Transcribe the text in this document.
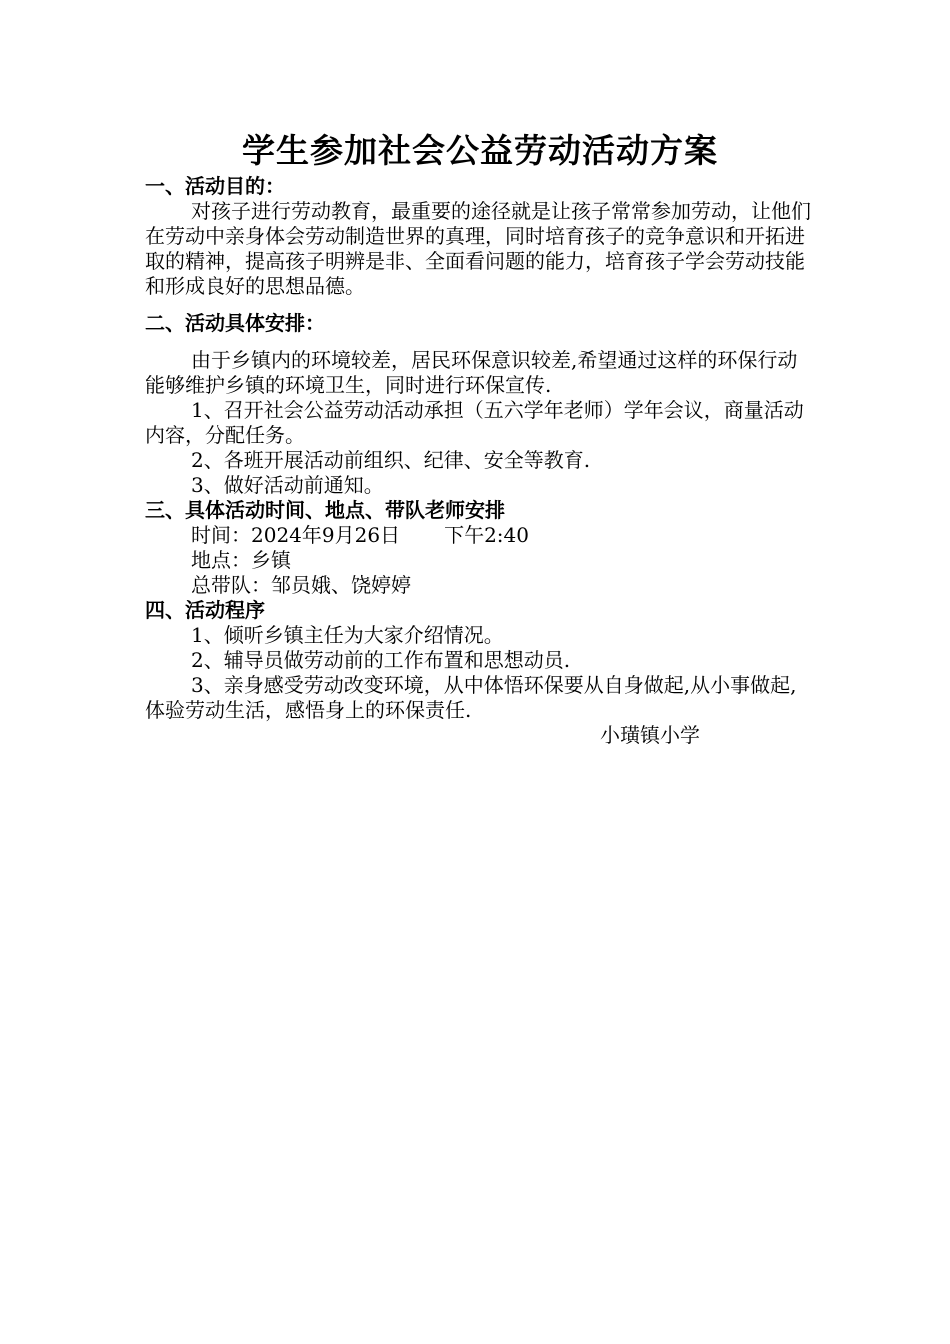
学生参加社会公益劳动活动方案

一、活动目的：

对孩子进行劳动教育，最重要的途径就是让孩子常常参加劳动，让他们在劳动中亲身体会劳动制造世界的真理，同时培育孩子的竞争意识和开拓进取的精神，提高孩子明辨是非、全面看问题的能力，培育孩子学会劳动技能和形成良好的思想品德。

二、活动具体安排：

由于乡镇内的环境较差，居民环保意识较差,希望通过这样的环保行动能够维护乡镇的环境卫生，同时进行环保宣传.

1、召开社会公益劳动活动承担（五六学年老师）学年会议，商量活动内容，分配任务。

2、各班开展活动前组织、纪律、安全等教育.

3、做好活动前通知。

三、具体活动时间、地点、带队老师安排

时间：2024年9月26日 下午2:40

地点：乡镇

总带队：邹员娥、饶婷婷

四、活动程序

1、倾听乡镇主任为大家介绍情况。

2、辅导员做劳动前的工作布置和思想动员.

3、亲身感受劳动改变环境，从中体悟环保要从自身做起,从小事做起,体验劳动生活，感悟身上的环保责任.

小璜镇小学
